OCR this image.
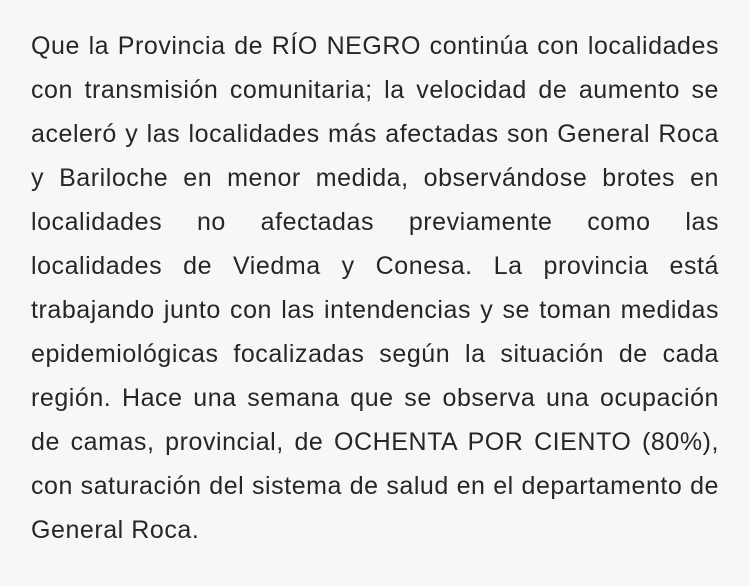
Que la Provincia de RÍO NEGRO continúa con localidades con transmisión comunitaria; la velocidad de aumento se aceleró y las localidades más afectadas son General Roca y Bariloche en menor medida, observándose brotes en localidades no afectadas previamente como las localidades de Viedma y Conesa. La provincia está trabajando junto con las intendencias y se toman medidas epidemiológicas focalizadas según la situación de cada región. Hace una semana que se observa una ocupación de camas, provincial, de OCHENTA POR CIENTO (80%), con saturación del sistema de salud en el departamento de General Roca.
